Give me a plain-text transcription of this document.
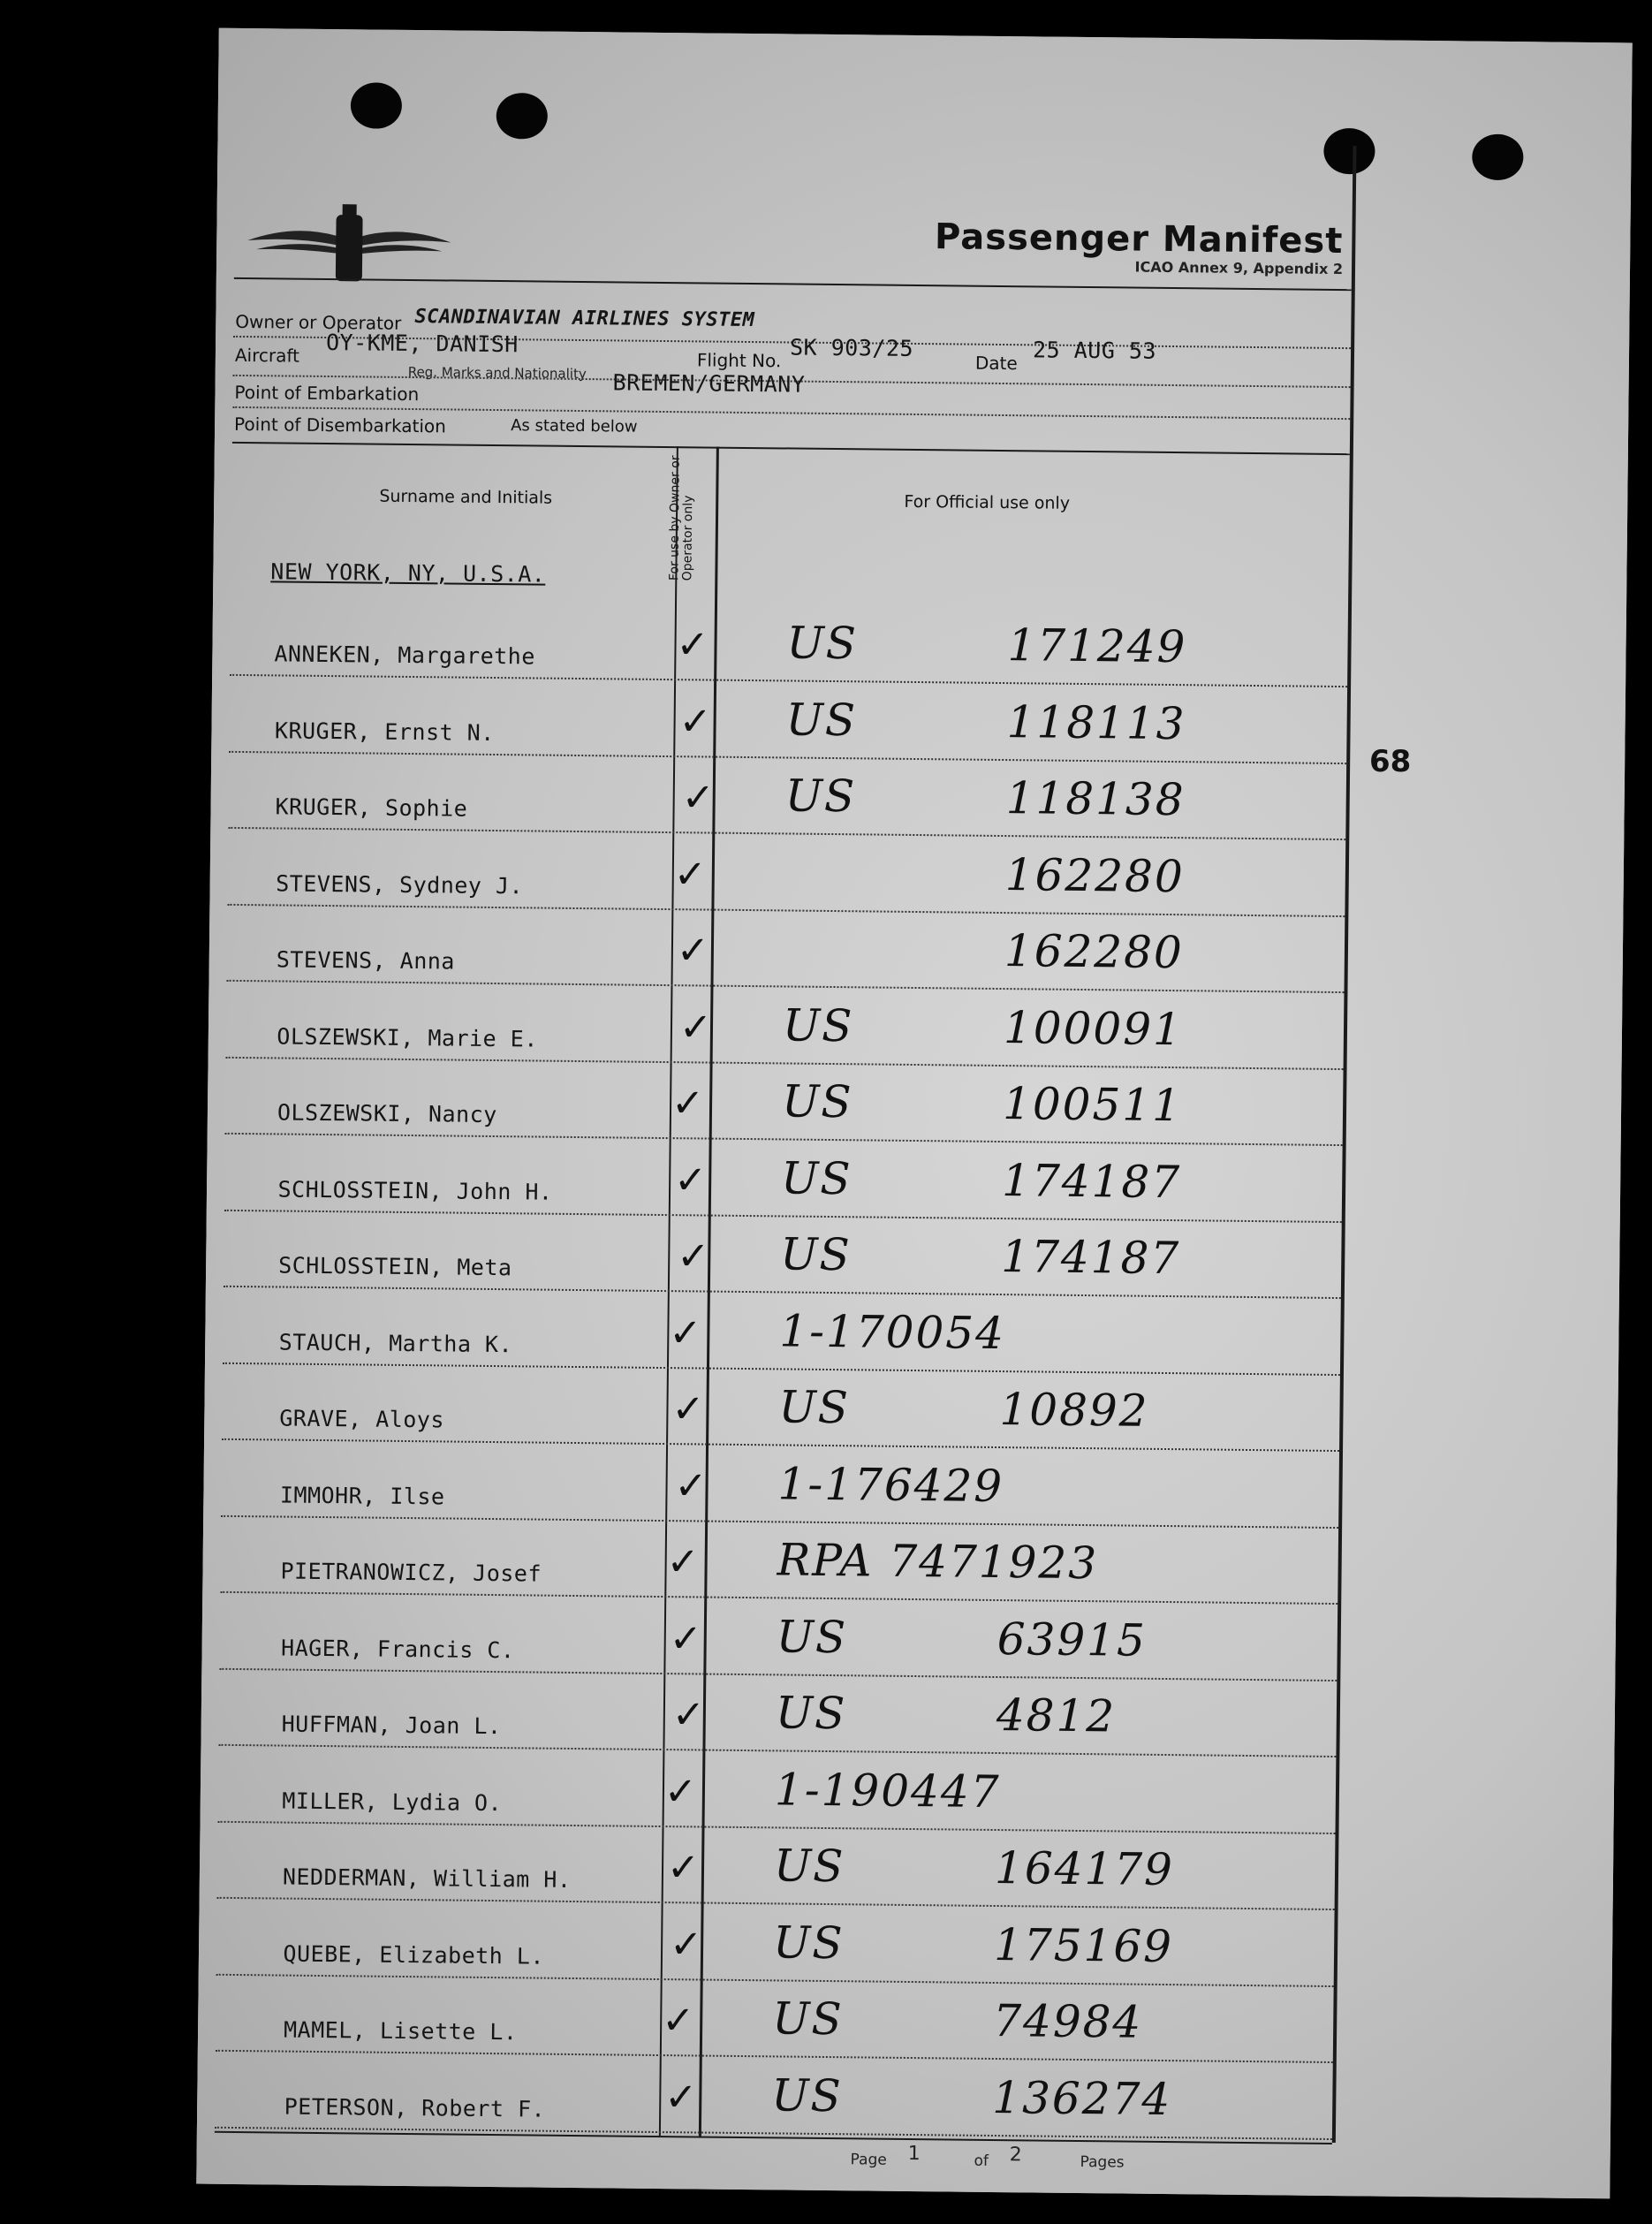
Passenger Manifest
ICAO Annex 9, Appendix 2
Owner or Operator SCANDINAVIAN AIRLINES SYSTEM
Aircraft OY-KME, DANISH
Reg. Marks and Nationality
Flight No. SK 903/25
Date 25 AUG 53
Point of Embarkation	BREMEN/GERMANY
Point of Disembarkation	As stated below
Surname and Initials	For use by Owner or Operator only	For Official use only
NEW YORK, NY, U.S.A.
ANNEKEN, Margarethe	✓ US	171249
KRUGER, Ernst N.	✓ US	118113
KRUGER, Sophie	✓ US	118138
STEVENS, Sydney J.	✓	162280
STEVENS, Anna	✓	162280
OLSZEWSKI, Marie E.	✓ US	100091
OLSZEWSKI, Nancy	✓ US	100511
SCHLOSSTEIN, John H.	✓ US	174187
SCHLOSSTEIN, Meta	✓ US	174187
STAUCH, Martha K.	✓ 1-170054
GRAVE, Aloys	✓ US	10892
IMMOHR, Ilse	✓ 1-176429
PIETRANOWICZ, Josef	✓ RPA 7471923
HAGER, Francis C.	✓ US	63915
HUFFMAN, Joan L.	✓ US	4812
MILLER, Lydia O.	✓ 1-190447
NEDDERMAN, William H. ✓ US	164179
QUEBE, Elizabeth L.	✓ US	175169
MAMEL, Lisette L.	✓ US	74984
PETERSON, Robert F.	✓ US	136274
Page 1	of 2	Pages
68
